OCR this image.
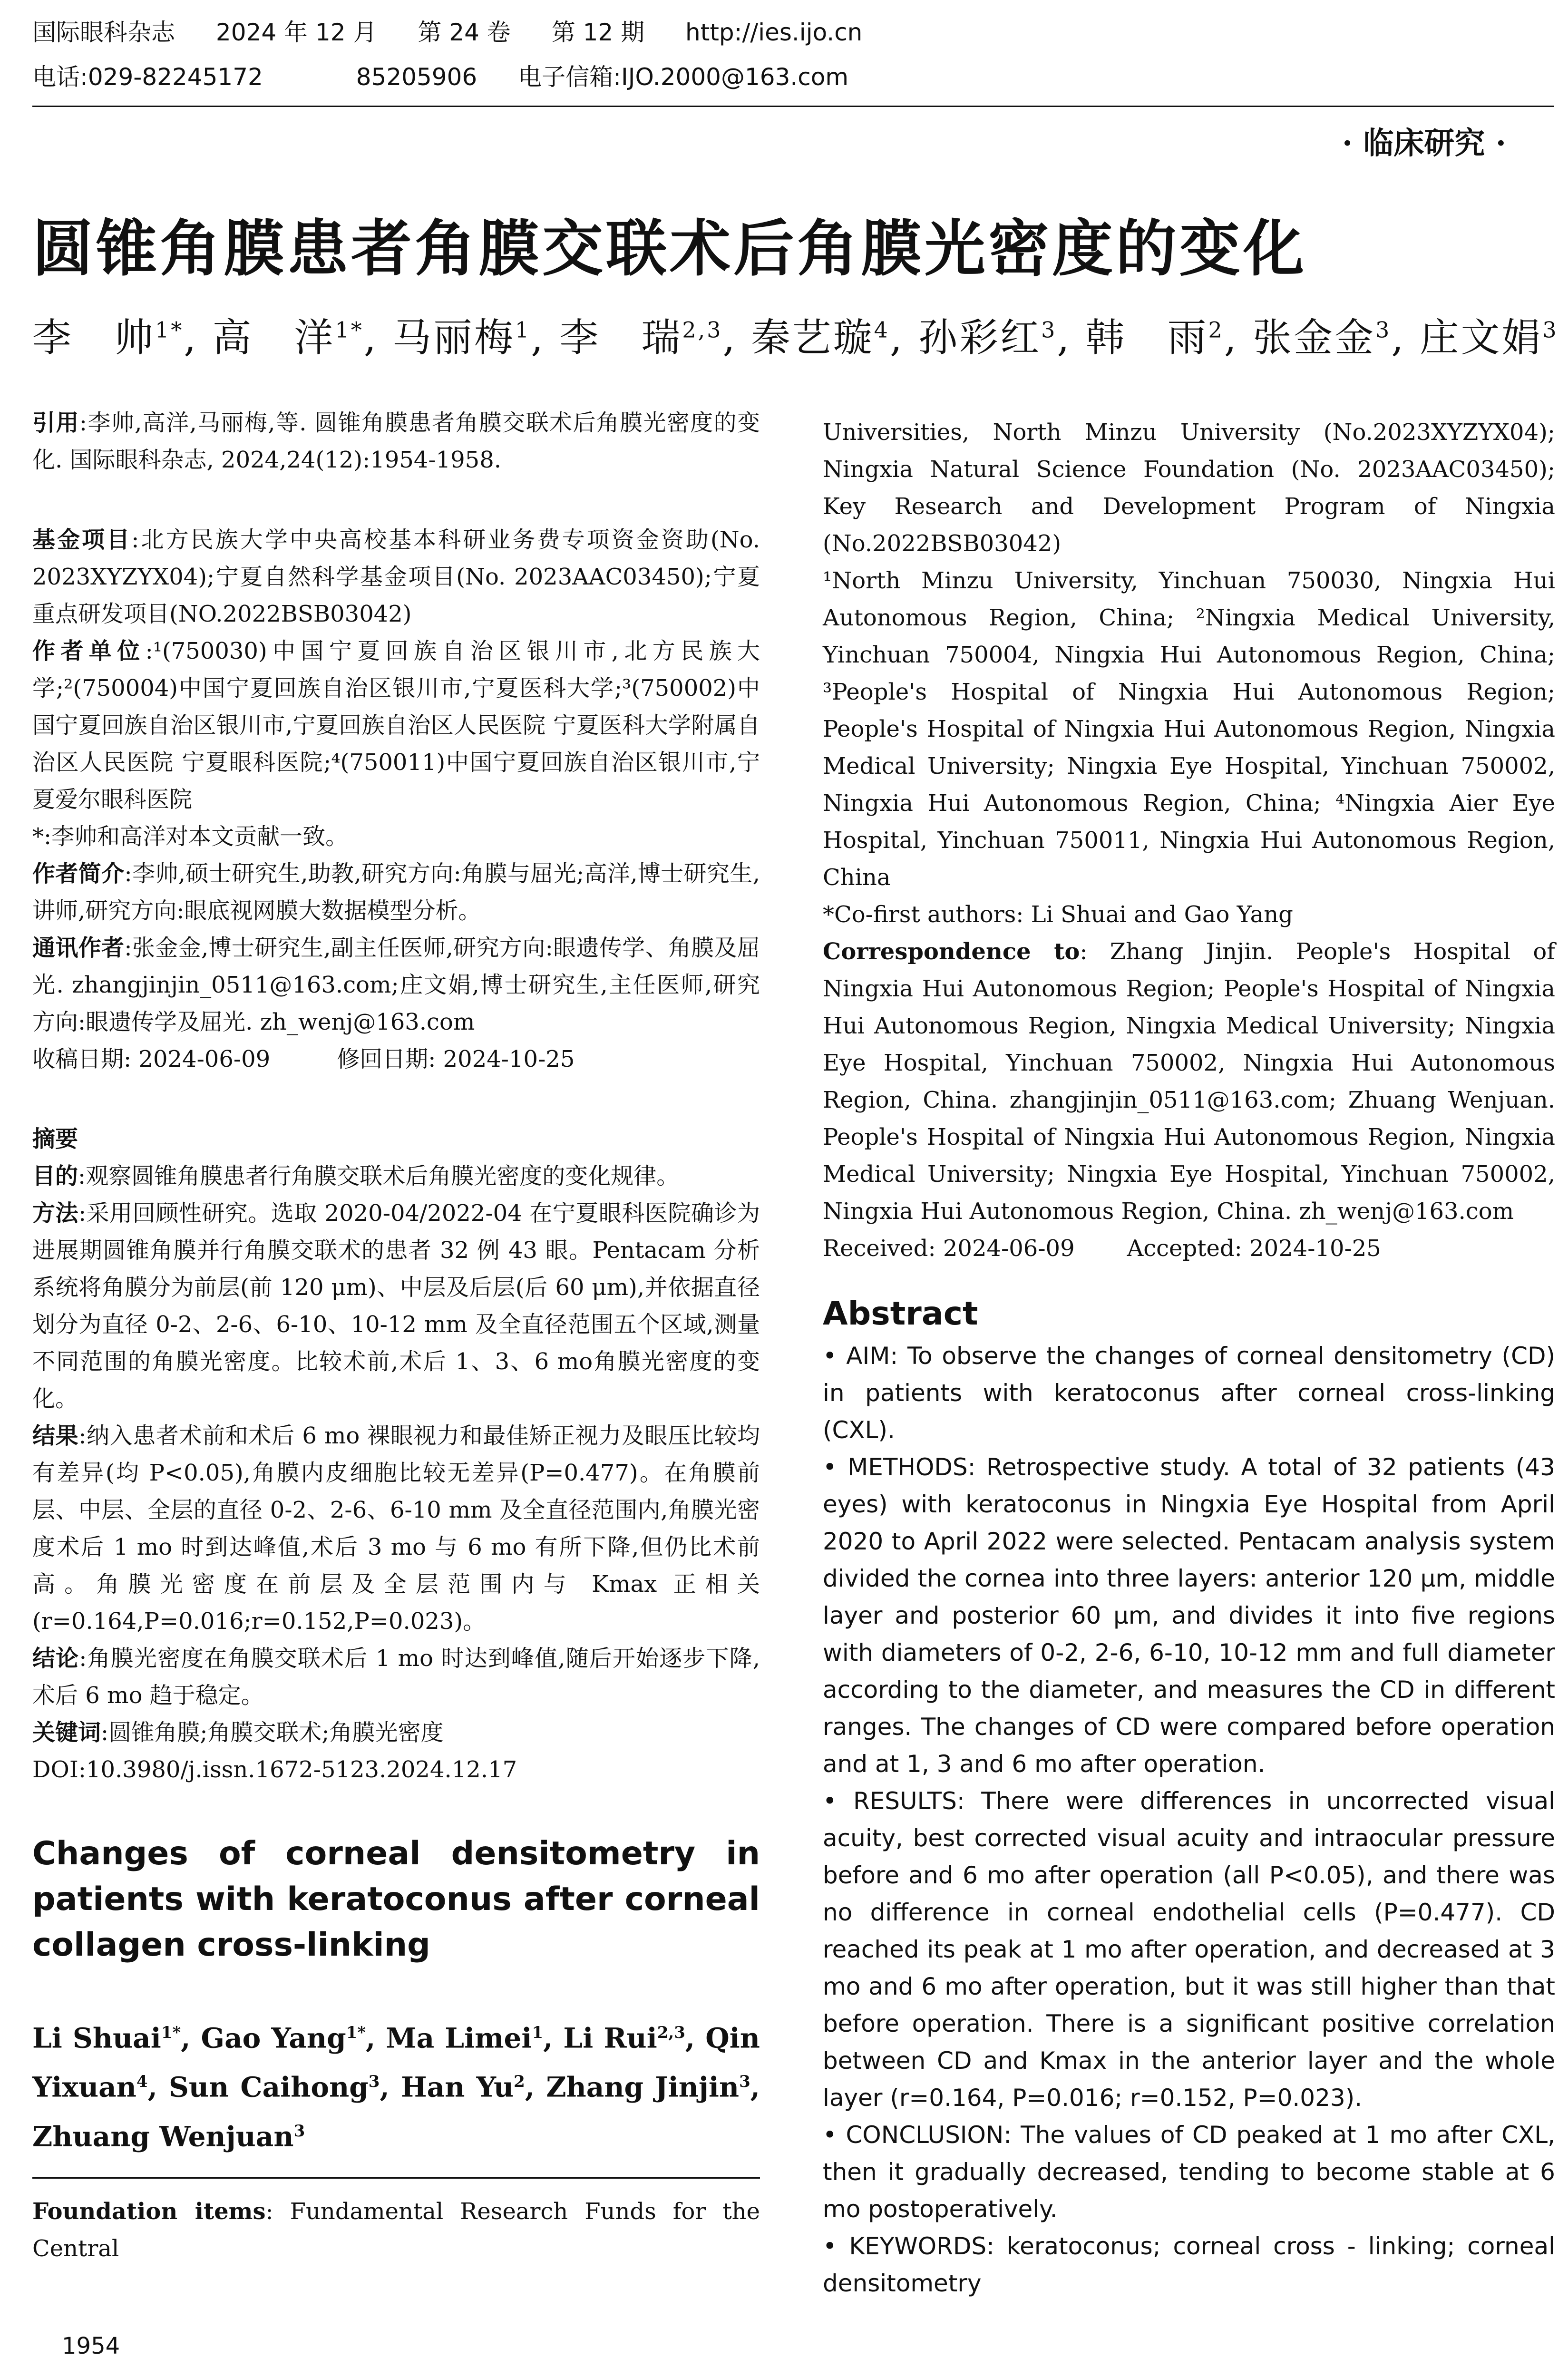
国际眼科杂志 2024 年 12 月 第 24 卷 第 12 期 http://ies.ijo.cn
电话:029-82245172	85205906 电子信箱:IJO.2000@163.com
· 临床研究 ·
圆锥角膜患者角膜交联术后角膜光密度的变化
李　帅$^{1*}$, 高　洋$^{1*}$, 马丽梅$^1$, 李　瑞$^{2,3}$, 秦艺璇$^4$, 孙彩红$^3$, 韩　雨$^2$, 张金金$^3$, 庄文娟$^3$

引用:李帅,高洋,马丽梅,等. 圆锥角膜患者角膜交联术后角膜光密度的变化. 国际眼科杂志, 2024,24(12):1954-1958.

基金项目:北方民族大学中央高校基本科研业务费专项资金资助(No. 2023XYZYX04);宁夏自然科学基金项目(No. 2023AAC03450);宁夏重点研发项目(NO.2022BSB03042)

作者单位:¹(750030)中国宁夏回族自治区银川市,北方民族大学;²(750004)中国宁夏回族自治区银川市,宁夏医科大学;³(750002)中国宁夏回族自治区银川市,宁夏回族自治区人民医院 宁夏医科大学附属自治区人民医院 宁夏眼科医院;⁴(750011)中国宁夏回族自治区银川市,宁夏爱尔眼科医院

*:李帅和高洋对本文贡献一致。

作者简介:李帅,硕士研究生,助教,研究方向:角膜与屈光;高洋,博士研究生,讲师,研究方向:眼底视网膜大数据模型分析。

通讯作者:张金金,博士研究生,副主任医师,研究方向:眼遗传学、角膜及屈光. zhangjinjin_0511@163.com;庄文娟,博士研究生,主任医师,研究方向:眼遗传学及屈光. zh_wenj@163.com

收稿日期: 2024-06-09	修回日期: 2024-10-25

摘要

目的:观察圆锥角膜患者行角膜交联术后角膜光密度的变化规律。

方法:采用回顾性研究。选取 2020-04/2022-04 在宁夏眼科医院确诊为进展期圆锥角膜并行角膜交联术的患者 32 例 43 眼。Pentacam 分析系统将角膜分为前层(前 120 μm)、中层及后层(后 60 μm),并依据直径划分为直径 0-2、2-6、6-10、10-12 mm 及全直径范围五个区域,测量不同范围的角膜光密度。比较术前,术后 1、3、6 mo角膜光密度的变化。

结果:纳入患者术前和术后 6 mo 裸眼视力和最佳矫正视力及眼压比较均有差异(均 P<0.05),角膜内皮细胞比较无差异(P=0.477)。在角膜前层、中层、全层的直径 0-2、2-6、6-10 mm 及全直径范围内,角膜光密度术后 1 mo 时到达峰值,术后 3 mo 与 6 mo 有所下降,但仍比术前高。角膜光密度在前层及全层范围内与 Kmax 正相关(r=0.164,P=0.016;r=0.152,P=0.023)。

结论:角膜光密度在角膜交联术后 1 mo 时达到峰值,随后开始逐步下降,术后 6 mo 趋于稳定。

关键词:圆锥角膜;角膜交联术;角膜光密度

DOI:10.3980/j.issn.1672-5123.2024.12.17

Changes of corneal densitometry in patients with keratoconus after corneal collagen cross-linking

Li Shuai$^{1*}$, Gao Yang$^{1*}$, Ma Limei$^1$, Li Rui$^{2,3}$, Qin Yixuan$^4$, Sun Caihong$^3$, Han Yu$^2$, Zhang Jinjin$^3$, Zhuang Wenjuan$^3$

Foundation items: Fundamental Research Funds for the Central

Universities, North Minzu University (No.2023XYZYX04); Ningxia Natural Science Foundation (No. 2023AAC03450); Key Research and Development Program of Ningxia (No.2022BSB03042)

¹North Minzu University, Yinchuan 750030, Ningxia Hui Autonomous Region, China; ²Ningxia Medical University, Yinchuan 750004, Ningxia Hui Autonomous Region, China; ³People's Hospital of Ningxia Hui Autonomous Region; People's Hospital of Ningxia Hui Autonomous Region, Ningxia Medical University; Ningxia Eye Hospital, Yinchuan 750002, Ningxia Hui Autonomous Region, China; ⁴Ningxia Aier Eye Hospital, Yinchuan 750011, Ningxia Hui Autonomous Region, China

*Co-first authors: Li Shuai and Gao Yang

Correspondence to: Zhang Jinjin. People's Hospital of Ningxia Hui Autonomous Region; People's Hospital of Ningxia Hui Autonomous Region, Ningxia Medical University; Ningxia Eye Hospital, Yinchuan 750002, Ningxia Hui Autonomous Region, China. zhangjinjin_0511@163.com; Zhuang Wenjuan. People's Hospital of Ningxia Hui Autonomous Region, Ningxia Medical University; Ningxia Eye Hospital, Yinchuan 750002, Ningxia Hui Autonomous Region, China. zh_wenj@163.com

Received: 2024-06-09 Accepted: 2024-10-25

Abstract

• AIM: To observe the changes of corneal densitometry (CD) in patients with keratoconus after corneal cross-linking (CXL).

• METHODS: Retrospective study. A total of 32 patients (43 eyes) with keratoconus in Ningxia Eye Hospital from April 2020 to April 2022 were selected. Pentacam analysis system divided the cornea into three layers: anterior 120 μm, middle layer and posterior 60 μm, and divides it into five regions with diameters of 0-2, 2-6, 6-10, 10-12 mm and full diameter according to the diameter, and measures the CD in different ranges. The changes of CD were compared before operation and at 1, 3 and 6 mo after operation.

• RESULTS: There were differences in uncorrected visual acuity, best corrected visual acuity and intraocular pressure before and 6 mo after operation (all P<0.05), and there was no difference in corneal endothelial cells (P=0.477). CD reached its peak at 1 mo after operation, and decreased at 3 mo and 6 mo after operation, but it was still higher than that before operation. There is a significant positive correlation between CD and Kmax in the anterior layer and the whole layer (r=0.164, P=0.016; r=0.152, P=0.023).

• CONCLUSION: The values of CD peaked at 1 mo after CXL, then it gradually decreased, tending to become stable at 6 mo postoperatively.

• KEYWORDS: keratoconus; corneal cross - linking; corneal densitometry

1954
